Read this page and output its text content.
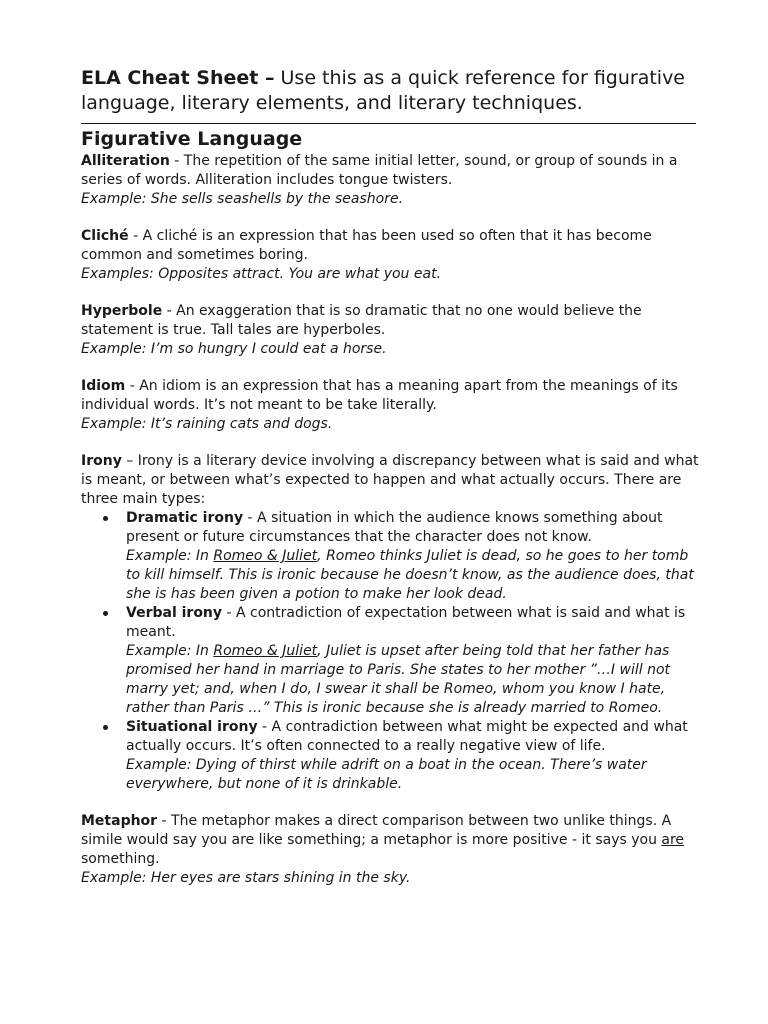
ELA Cheat Sheet – Use this as a quick reference for figurative language, literary elements, and literary techniques.
Figurative Language
Alliteration - The repetition of the same initial letter, sound, or group of sounds in a series of words. Alliteration includes tongue twisters.
Example: She sells seashells by the seashore.
Cliché - A cliché is an expression that has been used so often that it has become common and sometimes boring.
Examples: Opposites attract. You are what you eat.
Hyperbole - An exaggeration that is so dramatic that no one would believe the statement is true. Tall tales are hyperboles.
Example: I’m so hungry I could eat a horse.
Idiom - An idiom is an expression that has a meaning apart from the meanings of its individual words. It’s not meant to be take literally.
Example: It’s raining cats and dogs.
Irony – Irony is a literary device involving a discrepancy between what is said and what is meant, or between what’s expected to happen and what actually occurs. There are three main types:
Dramatic irony - A situation in which the audience knows something about present or future circumstances that the character does not know.
Example: In Romeo & Juliet, Romeo thinks Juliet is dead, so he goes to her tomb to kill himself. This is ironic because he doesn’t know, as the audience does, that she is has been given a potion to make her look dead.
Verbal irony - A contradiction of expectation between what is said and what is meant.
Example: In Romeo & Juliet, Juliet is upset after being told that her father has promised her hand in marriage to Paris. She states to her mother ”…I will not marry yet; and, when I do, I swear it shall be Romeo, whom you know I hate, rather than Paris …” This is ironic because she is already married to Romeo.
Situational irony - A contradiction between what might be expected and what actually occurs. It’s often connected to a really negative view of life.
Example: Dying of thirst while adrift on a boat in the ocean. There’s water everywhere, but none of it is drinkable.
Metaphor - The metaphor makes a direct comparison between two unlike things. A simile would say you are like something; a metaphor is more positive - it says you are something.
Example: Her eyes are stars shining in the sky.
